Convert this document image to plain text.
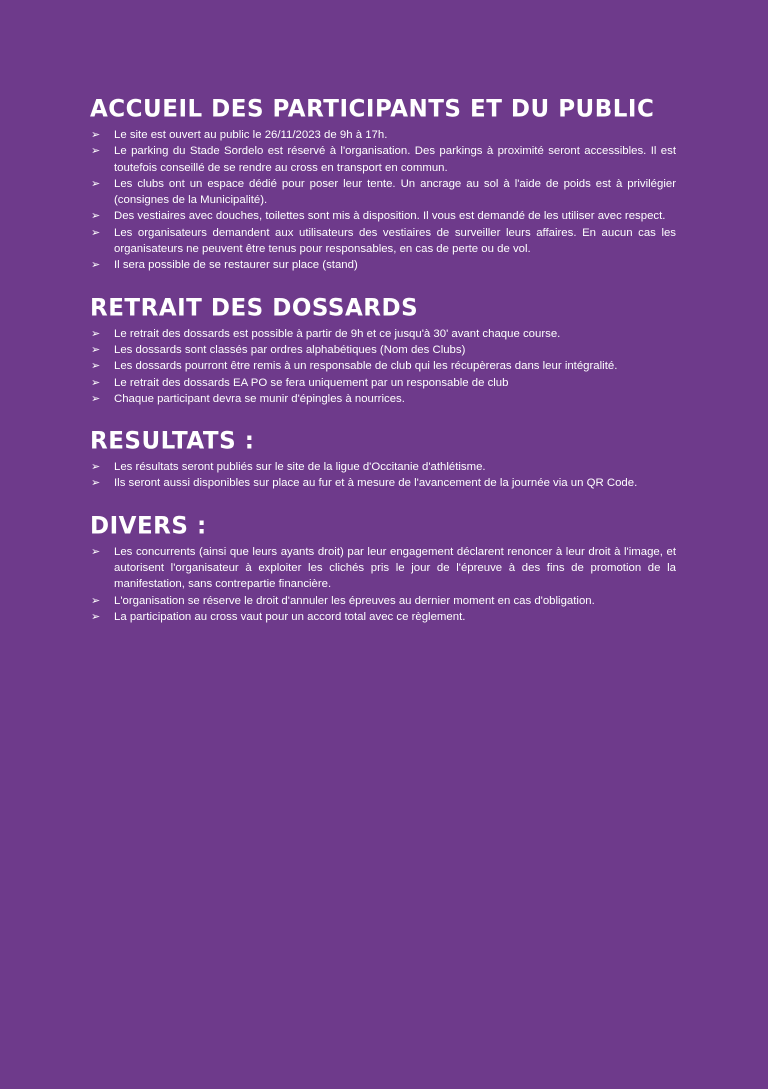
ACCUEIL DES PARTICIPANTS ET DU PUBLIC
➢ Le site est ouvert au public le 26/11/2023 de 9h à 17h.
➢ Le parking du Stade Sordelo est réservé à l'organisation. Des parkings à proximité seront accessibles. Il est toutefois conseillé de se rendre au cross en transport en commun.
➢ Les clubs ont un espace dédié pour poser leur tente. Un ancrage au sol à l'aide de poids est à privilégier (consignes de la Municipalité).
➢ Des vestiaires avec douches, toilettes sont mis à disposition. Il vous est demandé de les utiliser avec respect.
➢ Les organisateurs demandent aux utilisateurs des vestiaires de surveiller leurs affaires. En aucun cas les organisateurs ne peuvent être tenus pour responsables, en cas de perte ou de vol.
➢ Il sera possible de se restaurer sur place (stand)
RETRAIT DES DOSSARDS
➢ Le retrait des dossards est possible à partir de 9h et ce jusqu'à 30' avant chaque course.
➢ Les dossards sont classés par ordres alphabétiques (Nom des Clubs)
➢ Les dossards pourront être remis à un responsable de club qui les récupèreras dans leur intégralité.
➢ Le retrait des dossards EA PO se fera uniquement par un responsable de club
➢ Chaque participant devra se munir d'épingles à nourrices.
RESULTATS :
➢ Les résultats seront publiés sur le site de la ligue d'Occitanie d'athlétisme.
➢ Ils seront aussi disponibles sur place au fur et à mesure de l'avancement de la journée via un QR Code.
DIVERS :
➢ Les concurrents (ainsi que leurs ayants droit) par leur engagement déclarent renoncer à leur droit à l'image, et autorisent l'organisateur à exploiter les clichés pris le jour de l'épreuve à des fins de promotion de la manifestation, sans contrepartie financière.
➢ L'organisation se réserve le droit d'annuler les épreuves au dernier moment en cas d'obligation.
➢ La participation au cross vaut pour un accord total avec ce règlement.
